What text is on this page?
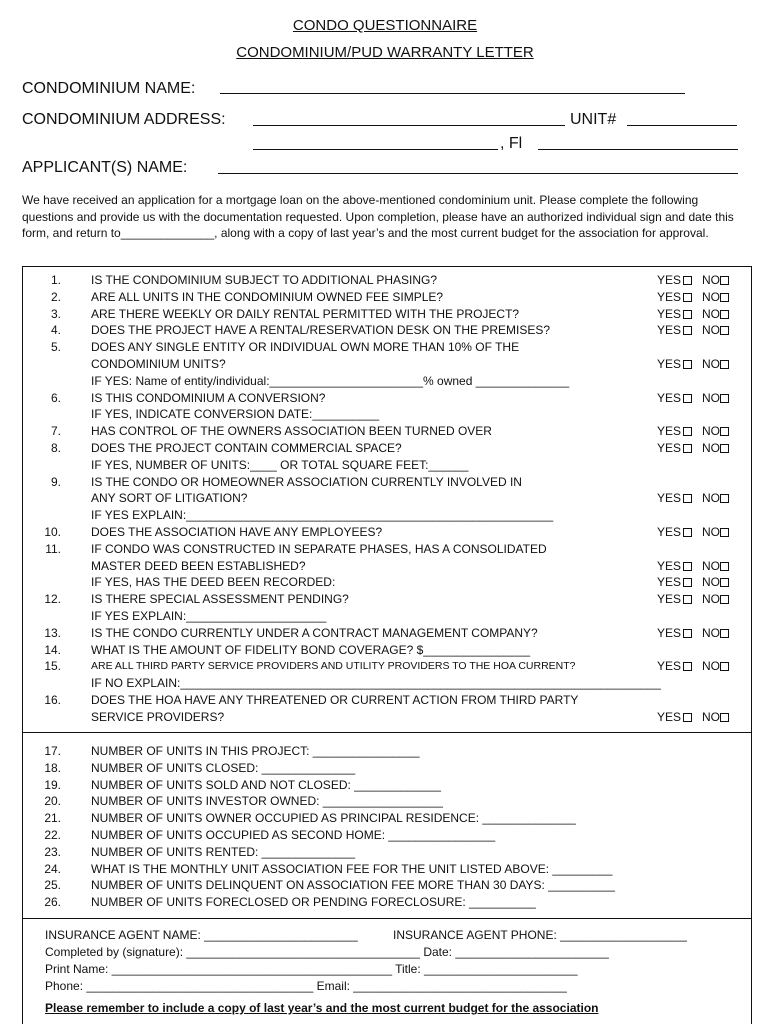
CONDO QUESTIONNAIRE
CONDOMINIUM/PUD WARRANTY LETTER
CONDOMINIUM NAME:
CONDOMINIUM ADDRESS:	UNIT#
, Fl
APPLICANT(S) NAME:
We have received an application for a mortgage loan on the above-mentioned condominium unit. Please complete the following questions and provide us with the documentation requested. Upon completion, please have an authorized individual sign and date this form, and return to______________, along with a copy of last year’s and the most current budget for the association for approval.
1.	IS THE CONDOMINIUM SUBJECT TO ADDITIONAL PHASING?	YES NO
2.	ARE ALL UNITS IN THE CONDOMINIUM OWNED FEE SIMPLE?	YES NO
3.	ARE THERE WEEKLY OR DAILY RENTAL PERMITTED WITH THE PROJECT?	YES NO
4.	DOES THE PROJECT HAVE A RENTAL/RESERVATION DESK ON THE PREMISES?	YES NO
5.	DOES ANY SINGLE ENTITY OR INDIVIDUAL OWN MORE THAN 10% OF THE
CONDOMINIUM UNITS?	YES NO
IF YES: Name of entity/individual:_______________________% owned ______________
6.	IS THIS CONDOMINIUM A CONVERSION?	YES NO
IF YES, INDICATE CONVERSION DATE:__________
7.	HAS CONTROL OF THE OWNERS ASSOCIATION BEEN TURNED OVER	YES NO
8.	DOES THE PROJECT CONTAIN COMMERCIAL SPACE?	YES NO
IF YES, NUMBER OF UNITS:____ OR TOTAL SQUARE FEET:______
9.	IS THE CONDO OR HOMEOWNER ASSOCIATION CURRENTLY INVOLVED IN
ANY SORT OF LITIGATION?	YES NO
IF YES EXPLAIN:_______________________________________________________
10.	DOES THE ASSOCIATION HAVE ANY EMPLOYEES?	YES NO
11.	IF CONDO WAS CONSTRUCTED IN SEPARATE PHASES, HAS A CONSOLIDATED
MASTER DEED BEEN ESTABLISHED?	YES NO
IF YES, HAS THE DEED BEEN RECORDED:	YES NO
12.	IS THERE SPECIAL ASSESSMENT PENDING?	YES NO
IF YES EXPLAIN:_____________________
13.	IS THE CONDO CURRENTLY UNDER A CONTRACT MANAGEMENT COMPANY?	YES NO
14.	WHAT IS THE AMOUNT OF FIDELITY BOND COVERAGE? $________________
15.	ARE ALL THIRD PARTY SERVICE PROVIDERS AND UTILITY PROVIDERS TO THE HOA CURRENT?	YES NO
IF NO EXPLAIN:________________________________________________________________________
16.	DOES THE HOA HAVE ANY THREATENED OR CURRENT ACTION FROM THIRD PARTY
SERVICE PROVIDERS?	YES NO
17.	NUMBER OF UNITS IN THIS PROJECT: ________________
18.	NUMBER OF UNITS CLOSED: ______________
19.	NUMBER OF UNITS SOLD AND NOT CLOSED: _____________
20.	NUMBER OF UNITS INVESTOR OWNED: __________________
21.	NUMBER OF UNITS OWNER OCCUPIED AS PRINCIPAL RESIDENCE: ______________
22.	NUMBER OF UNITS OCCUPIED AS SECOND HOME: ________________
23.	NUMBER OF UNITS RENTED: ______________
24.	WHAT IS THE MONTHLY UNIT ASSOCIATION FEE FOR THE UNIT LISTED ABOVE: _________
25.	NUMBER OF UNITS DELINQUENT ON ASSOCIATION FEE MORE THAN 30 DAYS: __________
26.	NUMBER OF UNITS FORECLOSED OR PENDING FORECLOSURE: __________
INSURANCE AGENT NAME: _______________________	INSURANCE AGENT PHONE: ___________________
Completed by (signature): ___________________________________ Date: _______________________
Print Name: __________________________________________ Title: _______________________
Phone: __________________________________ Email: ________________________________
Please remember to include a copy of last year’s and the most current budget for the association
